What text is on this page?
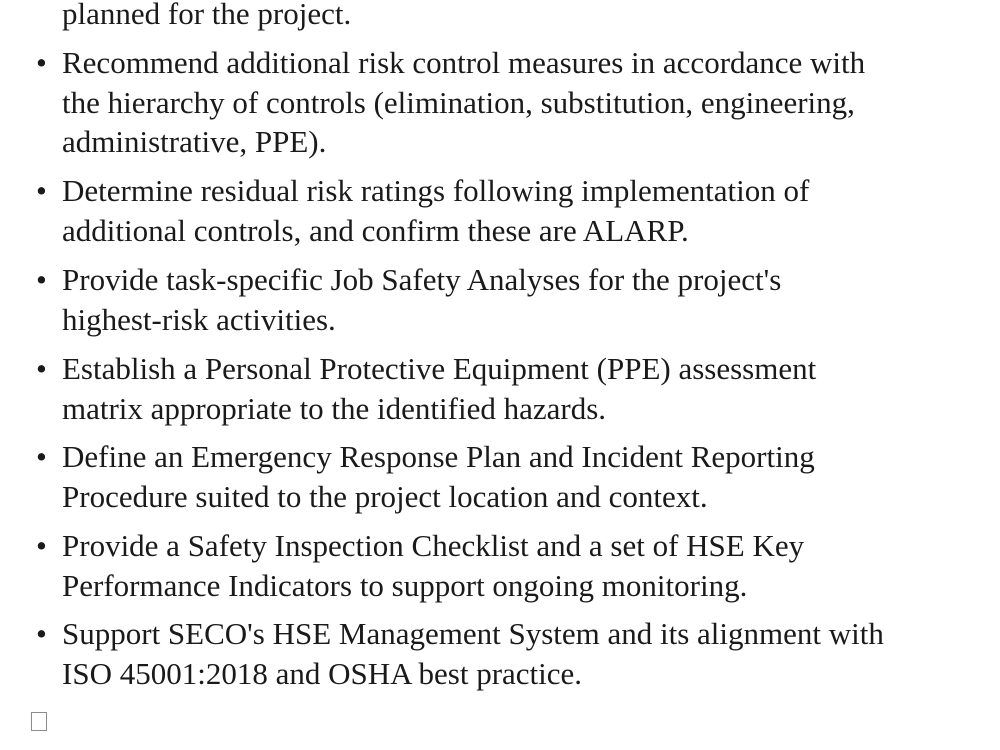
planned for the project.
• Recommend additional risk control measures in accordance with
the hierarchy of controls (elimination, substitution, engineering,
administrative, PPE).
• Determine residual risk ratings following implementation of
additional controls, and confirm these are ALARP.
• Provide task-specific Job Safety Analyses for the project's
highest-risk activities.
• Establish a Personal Protective Equipment (PPE) assessment
matrix appropriate to the identified hazards.
• Define an Emergency Response Plan and Incident Reporting
Procedure suited to the project location and context.
• Provide a Safety Inspection Checklist and a set of HSE Key
Performance Indicators to support ongoing monitoring.
• Support SECO's HSE Management System and its alignment with
ISO 45001:2018 and OSHA best practice.
